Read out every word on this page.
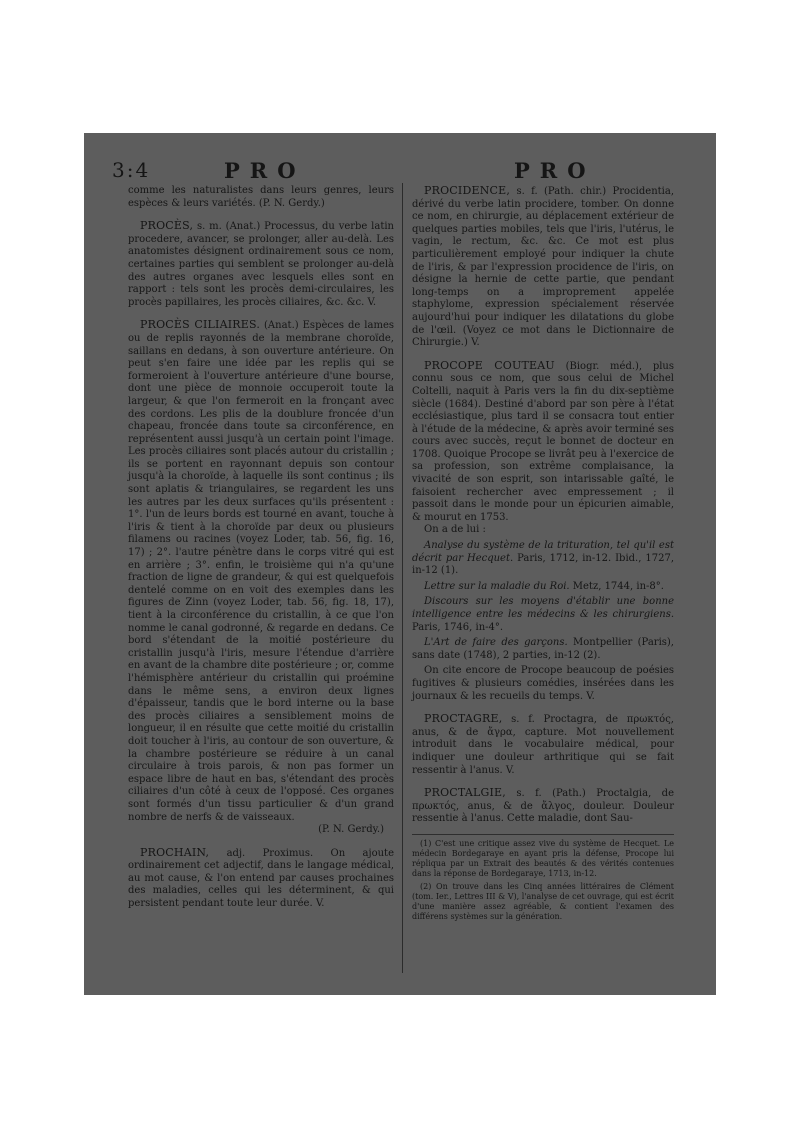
3:4	PRO	PRO

comme les naturalistes dans leurs genres, leurs espèces & leurs variétés. (P. N. Gerdy.)

PROCÈS, s. m. (Anat.) Processus, du verbe latin procedere, avancer, se prolonger, aller au-delà. Les anatomistes désignent ordinairement sous ce nom, certaines parties qui semblent se prolonger au-delà des autres organes avec lesquels elles sont en rapport : tels sont les procès demi-circulaires, les procès papillaires, les procès ciliaires, &c. &c. V.

PROCÈS CILIAIRES. (Anat.) Espèces de lames ou de replis rayonnés de la membrane choroïde, saillans en dedans, à son ouverture antérieure. On peut s'en faire une idée par les replis qui se formeroient à l'ouverture antérieure d'une bourse, dont une pièce de monnoie occuperoit toute la largeur, & que l'on fermeroit en la fronçant avec des cordons. Les plis de la doublure froncée d'un chapeau, froncée dans toute sa circonférence, en représentent aussi jusqu'à un certain point l'image. Les procès ciliaires sont placés autour du cristallin ; ils se portent en rayonnant depuis son contour jusqu'à la choroïde, à laquelle ils sont continus ; ils sont aplatis & triangulaires, se regardent les uns les autres par les deux surfaces qu'ils présentent : 1°. l'un de leurs bords est tourné en avant, touche à l'iris & tient à la choroïde par deux ou plusieurs filamens ou racines (voyez Loder, tab. 56, fig. 16, 17) ; 2°. l'autre pénètre dans le corps vitré qui est en arrière ; 3°. enfin, le troisième qui n'a qu'une fraction de ligne de grandeur, & qui est quelquefois dentelé comme on en voit des exemples dans les figures de Zinn (voyez Loder, tab. 56, fig. 18, 17), tient à la circonférence du cristallin, à ce que l'on nomme le canal godronné, & regarde en dedans. Ce bord s'étendant de la moitié postérieure du cristallin jusqu'à l'iris, mesure l'étendue d'arrière en avant de la chambre dite postérieure ; or, comme l'hémisphère antérieur du cristallin qui proémine dans le même sens, a environ deux lignes d'épaisseur, tandis que le bord interne ou la base des procès ciliaires a sensiblement moins de longueur, il en résulte que cette moitié du cristallin doit toucher à l'iris, au contour de son ouverture, & la chambre postérieure se réduire à un canal circulaire à trois parois, & non pas former un espace libre de haut en bas, s'étendant des procès ciliaires d'un côté à ceux de l'opposé. Ces organes sont formés d'un tissu particulier & d'un grand nombre de nerfs & de vaisseaux.

(P. N. Gerdy.)

PROCHAIN, adj. Proximus. On ajoute ordinairement cet adjectif, dans le langage médical, au mot cause, & l'on entend par causes prochaines des maladies, celles qui les déterminent, & qui persistent pendant toute leur durée. V.

PROCIDENCE, s. f. (Path. chir.) Procidentia, dérivé du verbe latin procidere, tomber. On donne ce nom, en chirurgie, au déplacement extérieur de quelques parties mobiles, tels que l'iris, l'utérus, le vagin, le rectum, &c. &c. Ce mot est plus particulièrement employé pour indiquer la chute de l'iris, & par l'expression procidence de l'iris, on désigne la hernie de cette partie, que pendant long-temps on a improprement appelée staphylome, expression spécialement réservée aujourd'hui pour indiquer les dilatations du globe de l'œil. (Voyez ce mot dans le Dictionnaire de Chirurgie.) V.

PROCOPE COUTEAU (Biogr. méd.), plus connu sous ce nom, que sous celui de Michel Coltelli, naquit à Paris vers la fin du dix-septième siècle (1684). Destiné d'abord par son père à l'état ecclésiastique, plus tard il se consacra tout entier à l'étude de la médecine, & après avoir terminé ses cours avec succès, reçut le bonnet de docteur en 1708. Quoique Procope se livrât peu à l'exercice de sa profession, son extrême complaisance, la vivacité de son esprit, son intarissable gaîté, le faisoient rechercher avec empressement ; il passoit dans le monde pour un épicurien aimable, & mourut en 1753.

On a de lui :

Analyse du système de la trituration, tel qu'il est décrit par Hecquet. Paris, 1712, in-12. Ibid., 1727, in-12 (1).

Lettre sur la maladie du Roi. Metz, 1744, in-8°.

Discours sur les moyens d'établir une bonne intelligence entre les médecins & les chirurgiens. Paris, 1746, in-4°.

L'Art de faire des garçons. Montpellier (Paris), sans date (1748), 2 parties, in-12 (2).

On cite encore de Procope beaucoup de poésies fugitives & plusieurs comédies, insérées dans les journaux & les recueils du temps. V.

PROCTAGRE, s. f. Proctagra, de πρωκτός, anus, & de ἄγρα, capture. Mot nouvellement introduit dans le vocabulaire médical, pour indiquer une douleur arthritique qui se fait ressentir à l'anus. V.

PROCTALGIE, s. f. (Path.) Proctalgia, de πρωκτός, anus, & de ἄλγος, douleur. Douleur ressentie à l'anus. Cette maladie, dont Sau-

(1) C'est une critique assez vive du système de Hecquet. Le médecin Bordegaraye en ayant pris la défense, Procope lui répliqua par un Extrait des beautés & des vérités contenues dans la réponse de Bordegaraye, 1713, in-12.

(2) On trouve dans les Cinq années littéraires de Clément (tom. Ier., Lettres III & V), l'analyse de cet ouvrage, qui est écrit d'une manière assez agréable, & contient l'examen des différens systèmes sur la génération.
